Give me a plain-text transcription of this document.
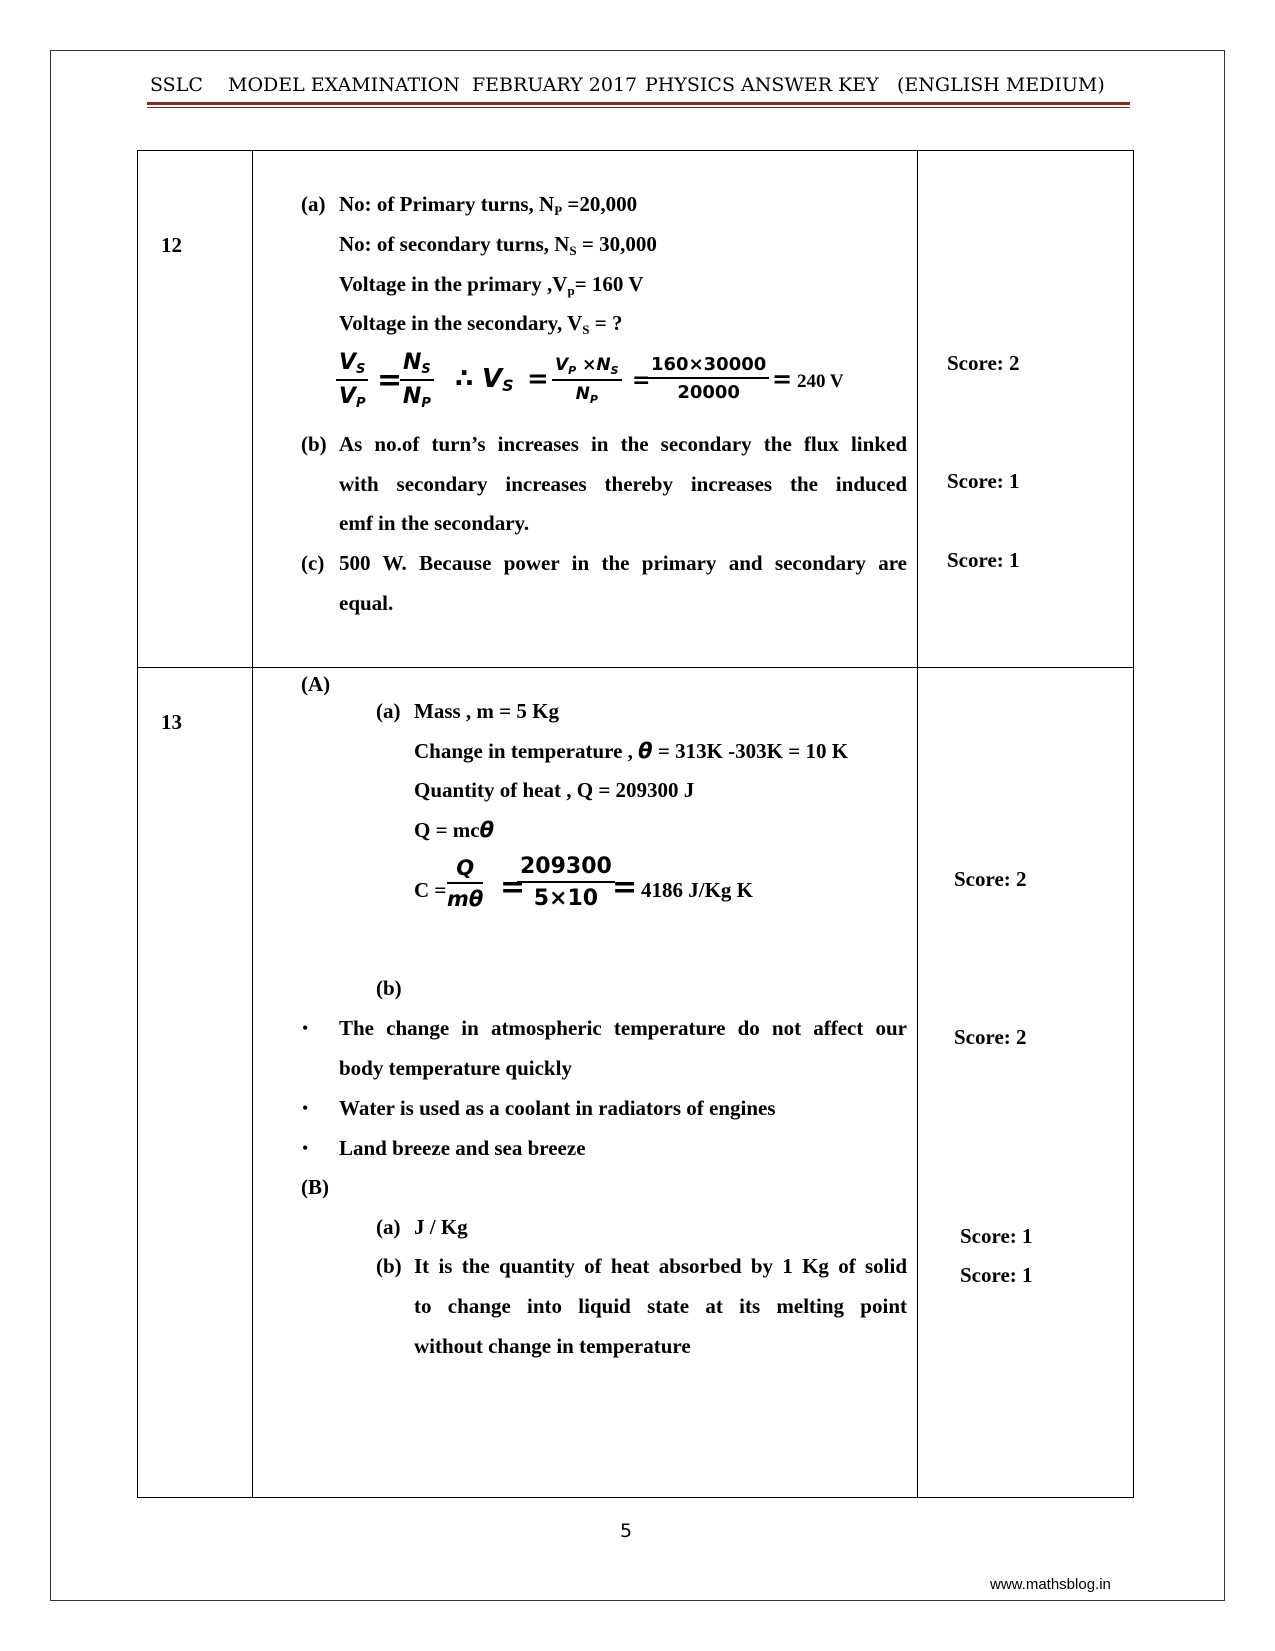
SSLC MODEL EXAMINATION FEBRUARY 2017 PHYSICS ANSWER KEY (ENGLISH MEDIUM)
12
(a) No: of Primary turns, $N_P =20,000$
No: of secondary turns, $N_S = 30,000$
Voltage in the primary $,V_p= 160$ V
Voltage in the secondary, $V_S$ = ?
$\frac{V_S}{V_P}$ =
$\frac{N_S}{N_P}$ ∴ $V_S = \frac{V_P \times N_S}{N_P}$ =
$\frac{160\times 30000}{20000} = 240$ V
(b) As no.of turn’s increases in the secondary the flux linked
with secondary increases thereby increases the induced
emf in the secondary.
(c) 500 W. Because power in the primary and secondary are
equal.
Score: 2
Score: 1
Score: 1
13
(A)
(a) Mass , m = 5 Kg
Change in temperature , θ = 313K -303K = 10 K
Quantity of heat , Q = 209300 J
Q = mcθ
$C = \frac{Q}{m\theta}$ =
$\frac{209300}{5\times 10}$
= 4186 J/Kg K
(b)
• The change in atmospheric temperature do not affect our
body temperature quickly
• Water is used as a coolant in radiators of engines
• Land breeze and sea breeze
(B)
(a) J / Kg
(b) It is the quantity of heat absorbed by 1 Kg of solid
to change into liquid state at its melting point
without change in temperature
Score: 2
Score: 2
Score: 1
Score: 1
5
www.mathsblog.in
